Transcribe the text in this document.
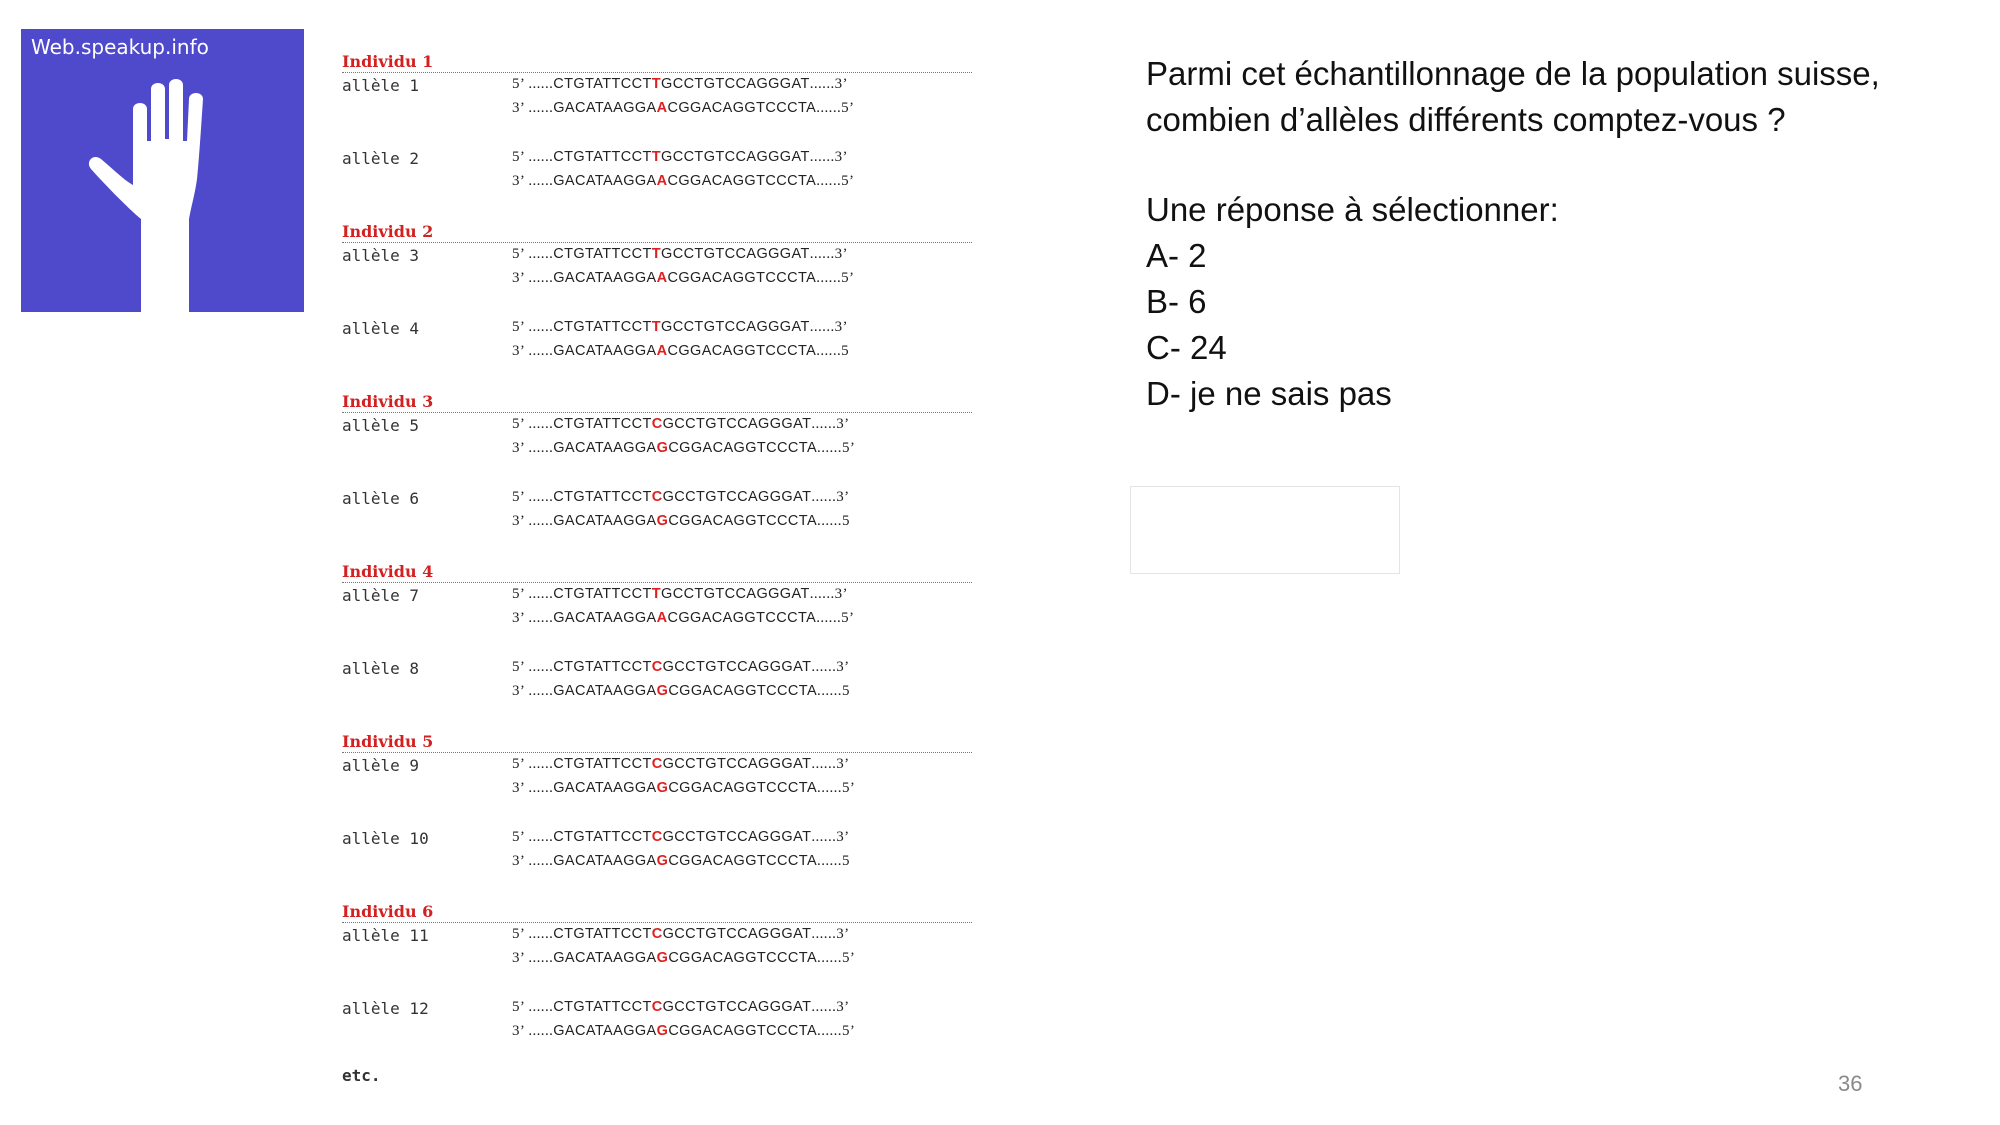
Web.speakup.info
Individu 1
allèle 1	5’ ......CTGTATTCCTTGCCTGTCCAGGGAT......3’
3’ ......GACATAAGGAACGGACAGGTCCCTA......5’
allèle 2	5’ ......CTGTATTCCTTGCCTGTCCAGGGAT......3’
3’ ......GACATAAGGAACGGACAGGTCCCTA......5’
Individu 2
allèle 3	5’ ......CTGTATTCCTTGCCTGTCCAGGGAT......3’
3’ ......GACATAAGGAACGGACAGGTCCCTA......5’
allèle 4	5’ ......CTGTATTCCTTGCCTGTCCAGGGAT......3’
3’ ......GACATAAGGAACGGACAGGTCCCTA......5
Individu 3
allèle 5	5’ ......CTGTATTCCTCGCCTGTCCAGGGAT......3’
3’ ......GACATAAGGAGCGGACAGGTCCCTA......5’
allèle 6	5’ ......CTGTATTCCTCGCCTGTCCAGGGAT......3’
3’ ......GACATAAGGAGCGGACAGGTCCCTA......5
Individu 4
allèle 7	5’ ......CTGTATTCCTTGCCTGTCCAGGGAT......3’
3’ ......GACATAAGGAACGGACAGGTCCCTA......5’
allèle 8	5’ ......CTGTATTCCTCGCCTGTCCAGGGAT......3’
3’ ......GACATAAGGAGCGGACAGGTCCCTA......5
Individu 5
allèle 9	5’ ......CTGTATTCCTCGCCTGTCCAGGGAT......3’
3’ ......GACATAAGGAGCGGACAGGTCCCTA......5’
allèle 10	5’ ......CTGTATTCCTCGCCTGTCCAGGGAT......3’
3’ ......GACATAAGGAGCGGACAGGTCCCTA......5
Individu 6
allèle 11	5’ ......CTGTATTCCTCGCCTGTCCAGGGAT......3’
3’ ......GACATAAGGAGCGGACAGGTCCCTA......5’
allèle 12	5’ ......CTGTATTCCTCGCCTGTCCAGGGAT......3’
3’ ......GACATAAGGAGCGGACAGGTCCCTA......5’
etc.
Parmi cet échantillonnage de la population suisse,
combien d’allèles différents comptez-vous ?
Une réponse à sélectionner:
A- 2
B- 6
C- 24
D- je ne sais pas
36
